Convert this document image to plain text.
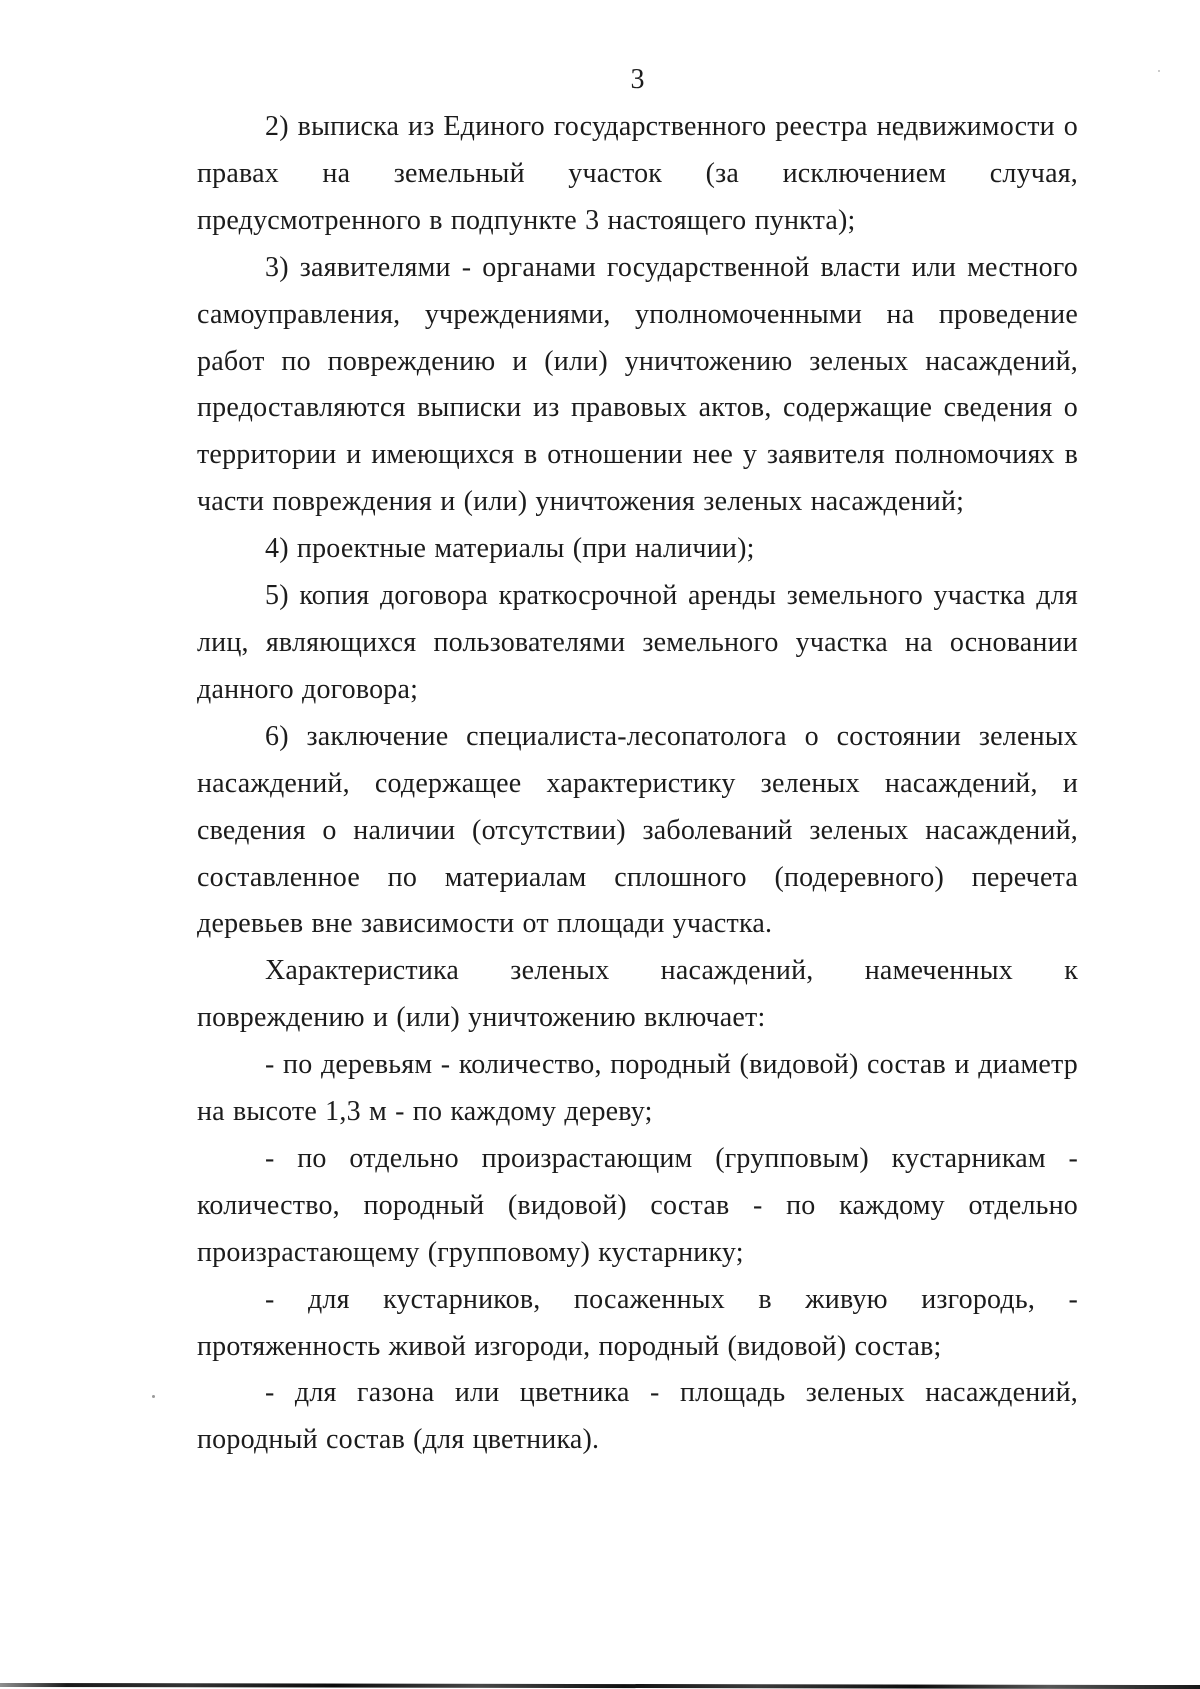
3

2) выписка из Единого государственного реестра недвижимости о правах на земельный участок (за исключением случая, предусмотренного в подпункте 3 настоящего пункта);

3) заявителями - органами государственной власти или местного самоуправления, учреждениями, уполномоченными на проведение работ по повреждению и (или) уничтожению зеленых насаждений, предоставляются выписки из правовых актов, содержащие сведения о территории и имеющихся в отношении нее у заявителя полномочиях в части повреждения и (или) уничтожения зеленых насаждений;

4) проектные материалы (при наличии);

5) копия договора краткосрочной аренды земельного участка для лиц, являющихся пользователями земельного участка на основании данного договора;

6) заключение специалиста-лесопатолога о состоянии зеленых насаждений, содержащее характеристику зеленых насаждений, и сведения о наличии (отсутствии) заболеваний зеленых насаждений, составленное по материалам сплошного (подеревного) перечета деревьев вне зависимости от площади участка.

Характеристика зеленых насаждений, намеченных к повреждению и (или) уничтожению включает:

- по деревьям - количество, породный (видовой) состав и диаметр на высоте 1,3 м - по каждому дереву;

- по отдельно произрастающим (групповым) кустарникам - количество, породный (видовой) состав - по каждому отдельно произрастающему (групповому) кустарнику;

- для кустарников, посаженных в живую изгородь, - протяженность живой изгороди, породный (видовой) состав;

- для газона или цветника - площадь зеленых насаждений, породный состав (для цветника).
